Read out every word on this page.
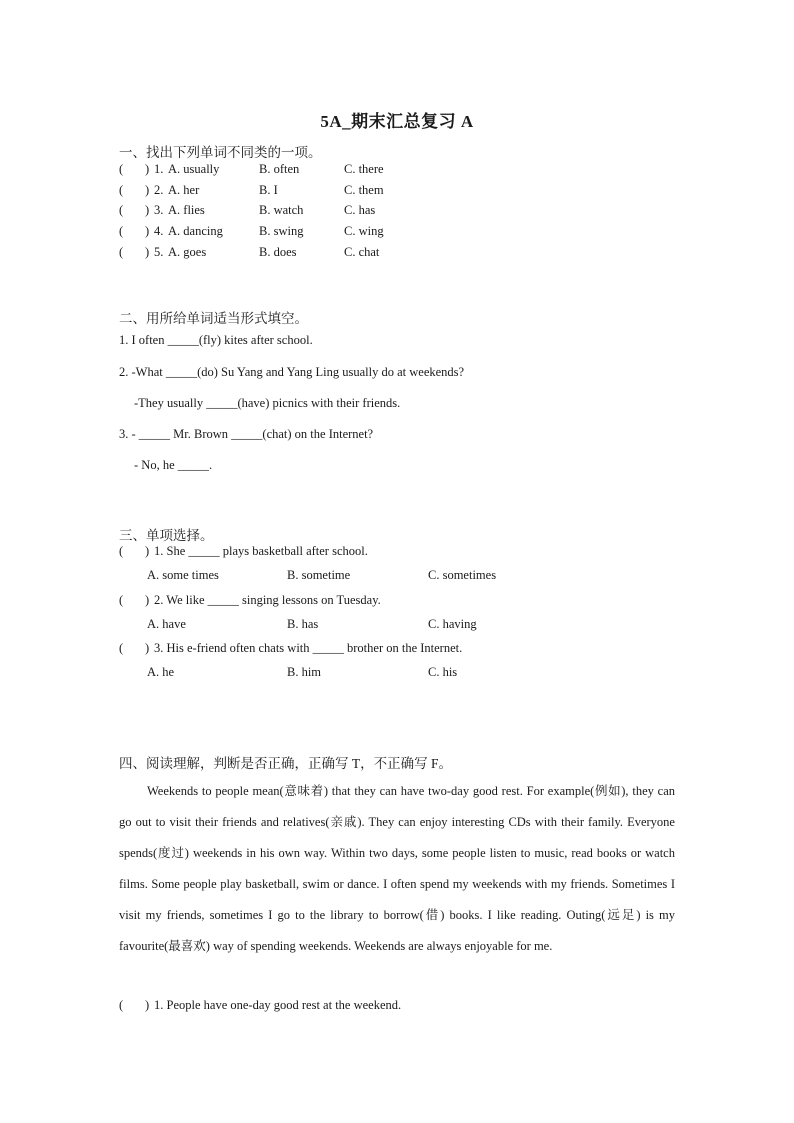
5A_期末汇总复习 A
一、找出下列单词不同类的一项。
( ) 1. A. usually	B. often	C. there
( ) 2. A. her	B. I	C. them
( ) 3. A. flies	B. watch	C. has
( ) 4. A. dancing	B. swing	C. wing
( ) 5. A. goes	B. does	C. chat
二、用所给单词适当形式填空。
1. I often _____(fly) kites after school.
2. -What _____(do) Su Yang and Yang Ling usually do at weekends?
-They usually _____(have) picnics with their friends.
3. - _____ Mr. Brown _____(chat) on the Internet?
- No, he _____.
三、单项选择。
( ) 1. She _____ plays basketball after school.
A. some times	B. sometime	C. sometimes
( ) 2. We like _____ singing lessons on Tuesday.
A. have	B. has	C. having
( ) 3. His e-friend often chats with _____ brother on the Internet.
A. he	B. him	C. his
四、阅读理解，判断是否正确，正确写 T，不正确写 F。

Weekends to people mean(意味着) that they can have two-day good rest. For example(例如), they can go out to visit their friends and relatives(亲戚). They can enjoy interesting CDs with their family. Everyone spends(度过) weekends in his own way. Within two days, some people listen to music, read books or watch films. Some people play basketball, swim or dance. I often spend my weekends with my friends. Sometimes I visit my friends, sometimes I go to the library to borrow(借) books. I like reading. Outing(远足) is my favourite(最喜欢) way of spending weekends. Weekends are always enjoyable for me.

( ) 1. People have one-day good rest at the weekend.
